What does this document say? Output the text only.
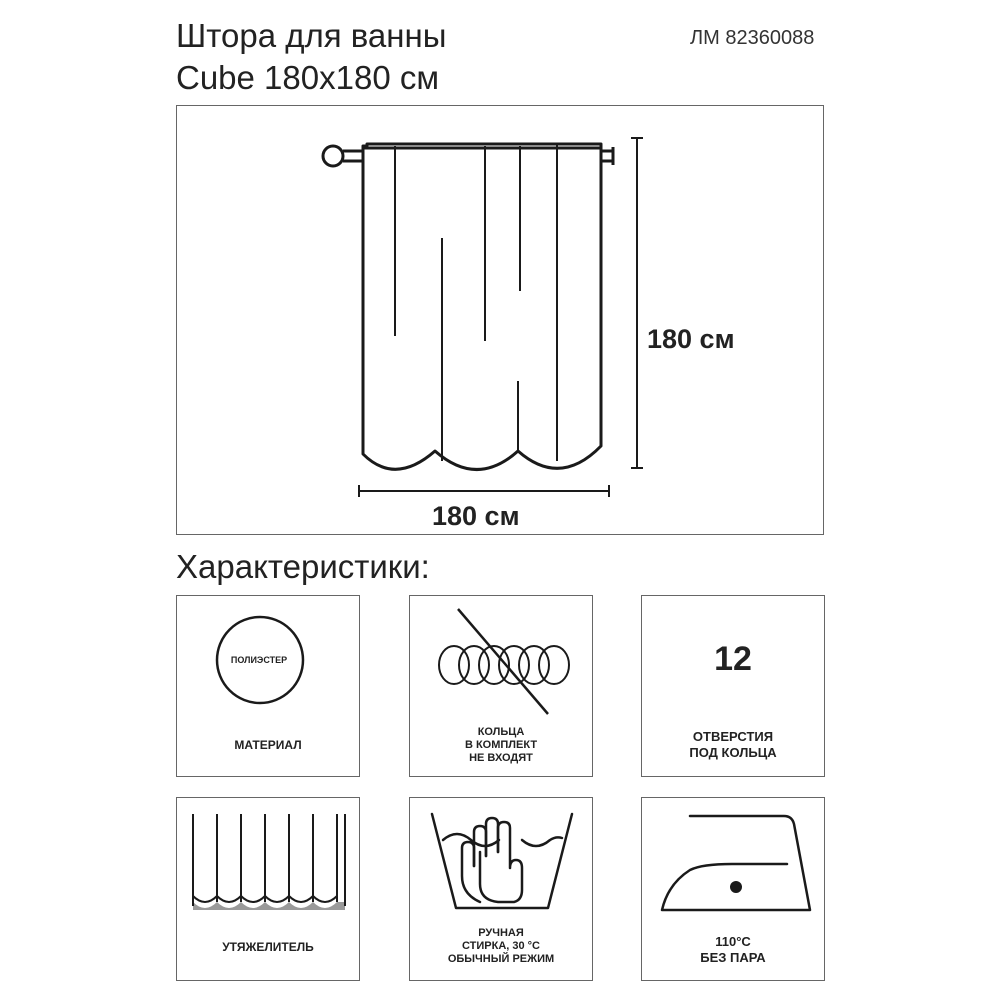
Штора для ванны
Cube 180x180 см
ЛМ 82360088
180 см
180 см
Характеристики:
ПОЛИЭСТЕР
МАТЕРИАЛ
КОЛЬЦА
В КОМПЛЕКТ
НЕ ВХОДЯТ
12
ОТВЕРСТИЯ
ПОД КОЛЬЦА
УТЯЖЕЛИТЕЛЬ
РУЧНАЯ
СТИРКА, 30 °С
ОБЫЧНЫЙ РЕЖИМ
110°С
БЕЗ ПАРА
